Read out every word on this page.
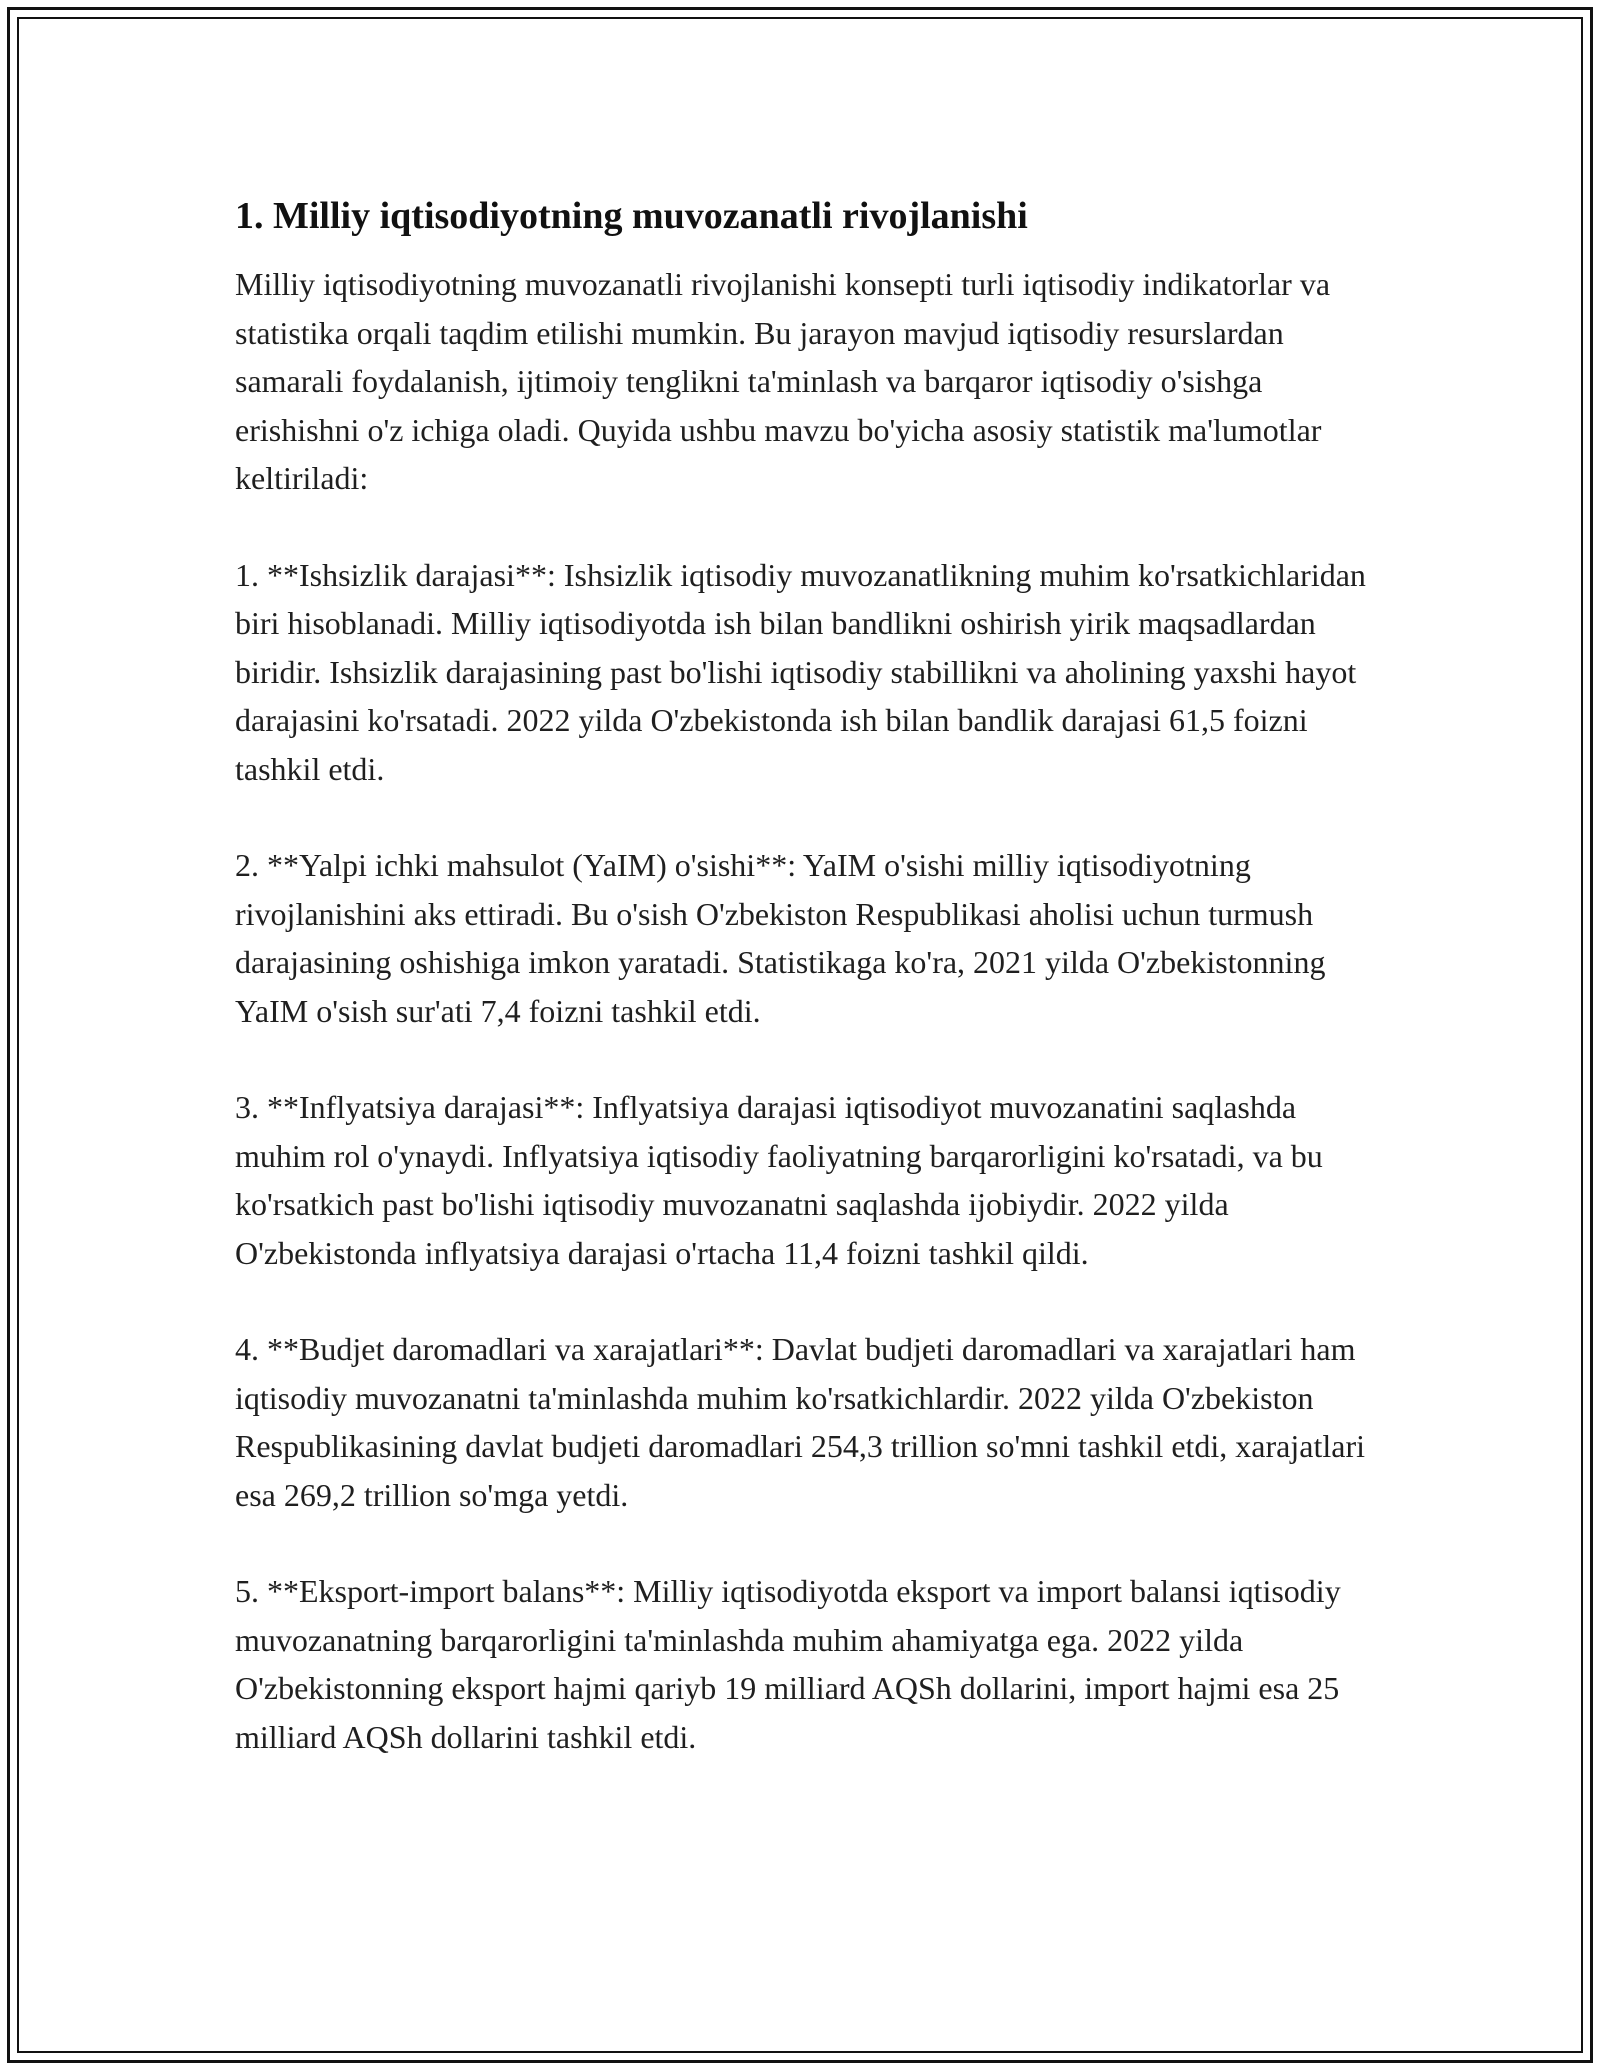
1. Milliy iqtisodiyotning muvozanatli rivojlanishi

Milliy iqtisodiyotning muvozanatli rivojlanishi konsepti turli iqtisodiy indikatorlar va statistika orqali taqdim etilishi mumkin. Bu jarayon mavjud iqtisodiy resurslardan samarali foydalanish, ijtimoiy tenglikni ta'minlash va barqaror iqtisodiy o'sishga erishishni o'z ichiga oladi. Quyida ushbu mavzu bo'yicha asosiy statistik ma'lumotlar keltiriladi:

1. **Ishsizlik darajasi**: Ishsizlik iqtisodiy muvozanatlikning muhim ko'rsatkichlaridan biri hisoblanadi. Milliy iqtisodiyotda ish bilan bandlikni oshirish yirik maqsadlardan biridir. Ishsizlik darajasining past bo'lishi iqtisodiy stabillikni va aholining yaxshi hayot darajasini ko'rsatadi. 2022 yilda O'zbekistonda ish bilan bandlik darajasi 61,5 foizni tashkil etdi.

2. **Yalpi ichki mahsulot (YaIM) o'sishi**: YaIM o'sishi milliy iqtisodiyotning rivojlanishini aks ettiradi. Bu o'sish O'zbekiston Respublikasi aholisi uchun turmush darajasining oshishiga imkon yaratadi. Statistikaga ko'ra, 2021 yilda O'zbekistonning YaIM o'sish sur'ati 7,4 foizni tashkil etdi.

3. **Inflyatsiya darajasi**: Inflyatsiya darajasi iqtisodiyot muvozanatini saqlashda muhim rol o'ynaydi. Inflyatsiya iqtisodiy faoliyatning barqarorligini ko'rsatadi, va bu ko'rsatkich past bo'lishi iqtisodiy muvozanatni saqlashda ijobiydir. 2022 yilda O'zbekistonda inflyatsiya darajasi o'rtacha 11,4 foizni tashkil qildi.

4. **Budjet daromadlari va xarajatlari**: Davlat budjeti daromadlari va xarajatlari ham iqtisodiy muvozanatni ta'minlashda muhim ko'rsatkichlardir. 2022 yilda O'zbekiston Respublikasining davlat budjeti daromadlari 254,3 trillion so'mni tashkil etdi, xarajatlari esa 269,2 trillion so'mga yetdi.

5. **Eksport-import balans**: Milliy iqtisodiyotda eksport va import balansi iqtisodiy muvozanatning barqarorligini ta'minlashda muhim ahamiyatga ega. 2022 yilda O'zbekistonning eksport hajmi qariyb 19 milliard AQSh dollarini, import hajmi esa 25 milliard AQSh dollarini tashkil etdi.
